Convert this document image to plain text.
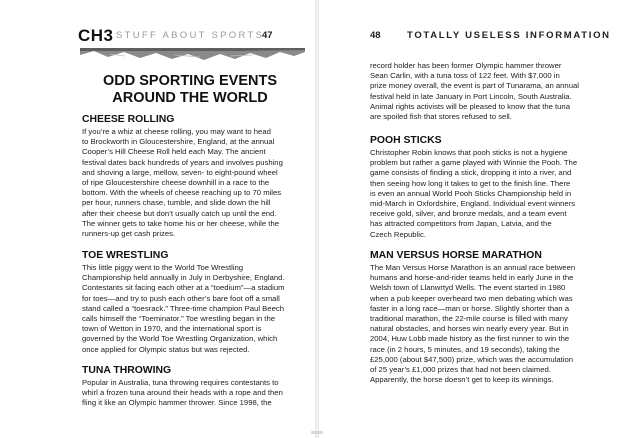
CH3 STUFF ABOUT SPORTS
47	48	TOTALLY USELESS INFORMATION
ODD SPORTING EVENTS
AROUND THE WORLD
CHEESE ROLLING
If you’re a whiz at cheese rolling, you may want to head
to Brockworth in Gloucestershire, England, at the annual
Cooper’s Hill Cheese Roll held each May. The ancient
festival dates back hundreds of years and involves pushing
and shoving a large, mellow, seven- to eight-pound wheel
of ripe Gloucestershire cheese downhill in a race to the
bottom. With the wheels of cheese reaching up to 70 miles
per hour, runners chase, tumble, and slide down the hill
after their cheese but don’t usually catch up until the end.
The winner gets to take home his or her cheese, while the
runners-up get cash prizes.
TOE WRESTLING
This little piggy went to the World Toe Wrestling
Championship held annually in July in Derbyshire, England.
Contestants sit facing each other at a “toedium”—a stadium
for toes—and try to push each other’s bare foot off a small
stand called a “toesrack.” Three-time champion Paul Beech
calls himself the “Toeminator.” Toe wrestling began in the
town of Wetton in 1970, and the international sport is
governed by the World Toe Wrestling Organization, which
once applied for Olympic status but was rejected.
TUNA THROWING
Popular in Australia, tuna throwing requires contestants to
whirl a frozen tuna around their heads with a rope and then
fling it like an Olympic hammer thrower. Since 1998, the
record holder has been former Olympic hammer thrower
Sean Carlin, with a tuna toss of 122 feet. With $7,000 in
prize money overall, the event is part of Tunarama, an annual
festival held in late January in Port Lincoln, South Australia.
Animal rights activists will be pleased to know that the tuna
are spoiled fish that stores refused to sell.
POOH STICKS
Christopher Robin knows that pooh sticks is not a hygiene
problem but rather a game played with Winnie the Pooh. The
game consists of finding a stick, dropping it into a river, and
then seeing how long it takes to get to the finish line. There
is even an annual World Pooh Sticks Championship held in
mid-March in Oxfordshire, England. Individual event winners
receive gold, silver, and bronze medals, and a team event
has attracted competitors from Japan, Latvia, and the
Czech Republic.
MAN VERSUS HORSE MARATHON
The Man Versus Horse Marathon is an annual race between
humans and horse-and-rider teams held in early June in the
Welsh town of Llanwrtyd Wells. The event started in 1980
when a pub keeper overheard two men debating which was
faster in a long race—man or horse. Slightly shorter than a
traditional marathon, the 22-mile course is filled with many
natural obstacles, and horses win nearly every year. But in
2004, Huw Lobb made history as the first runner to win the
race (in 2 hours, 5 minutes, and 19 seconds), taking the
£25,000 (about $47,500) prize, which was the accumulation
of 25 year’s £1,000 prizes that had not been claimed.
Apparently, the horse doesn’t get to keep its winnings.
